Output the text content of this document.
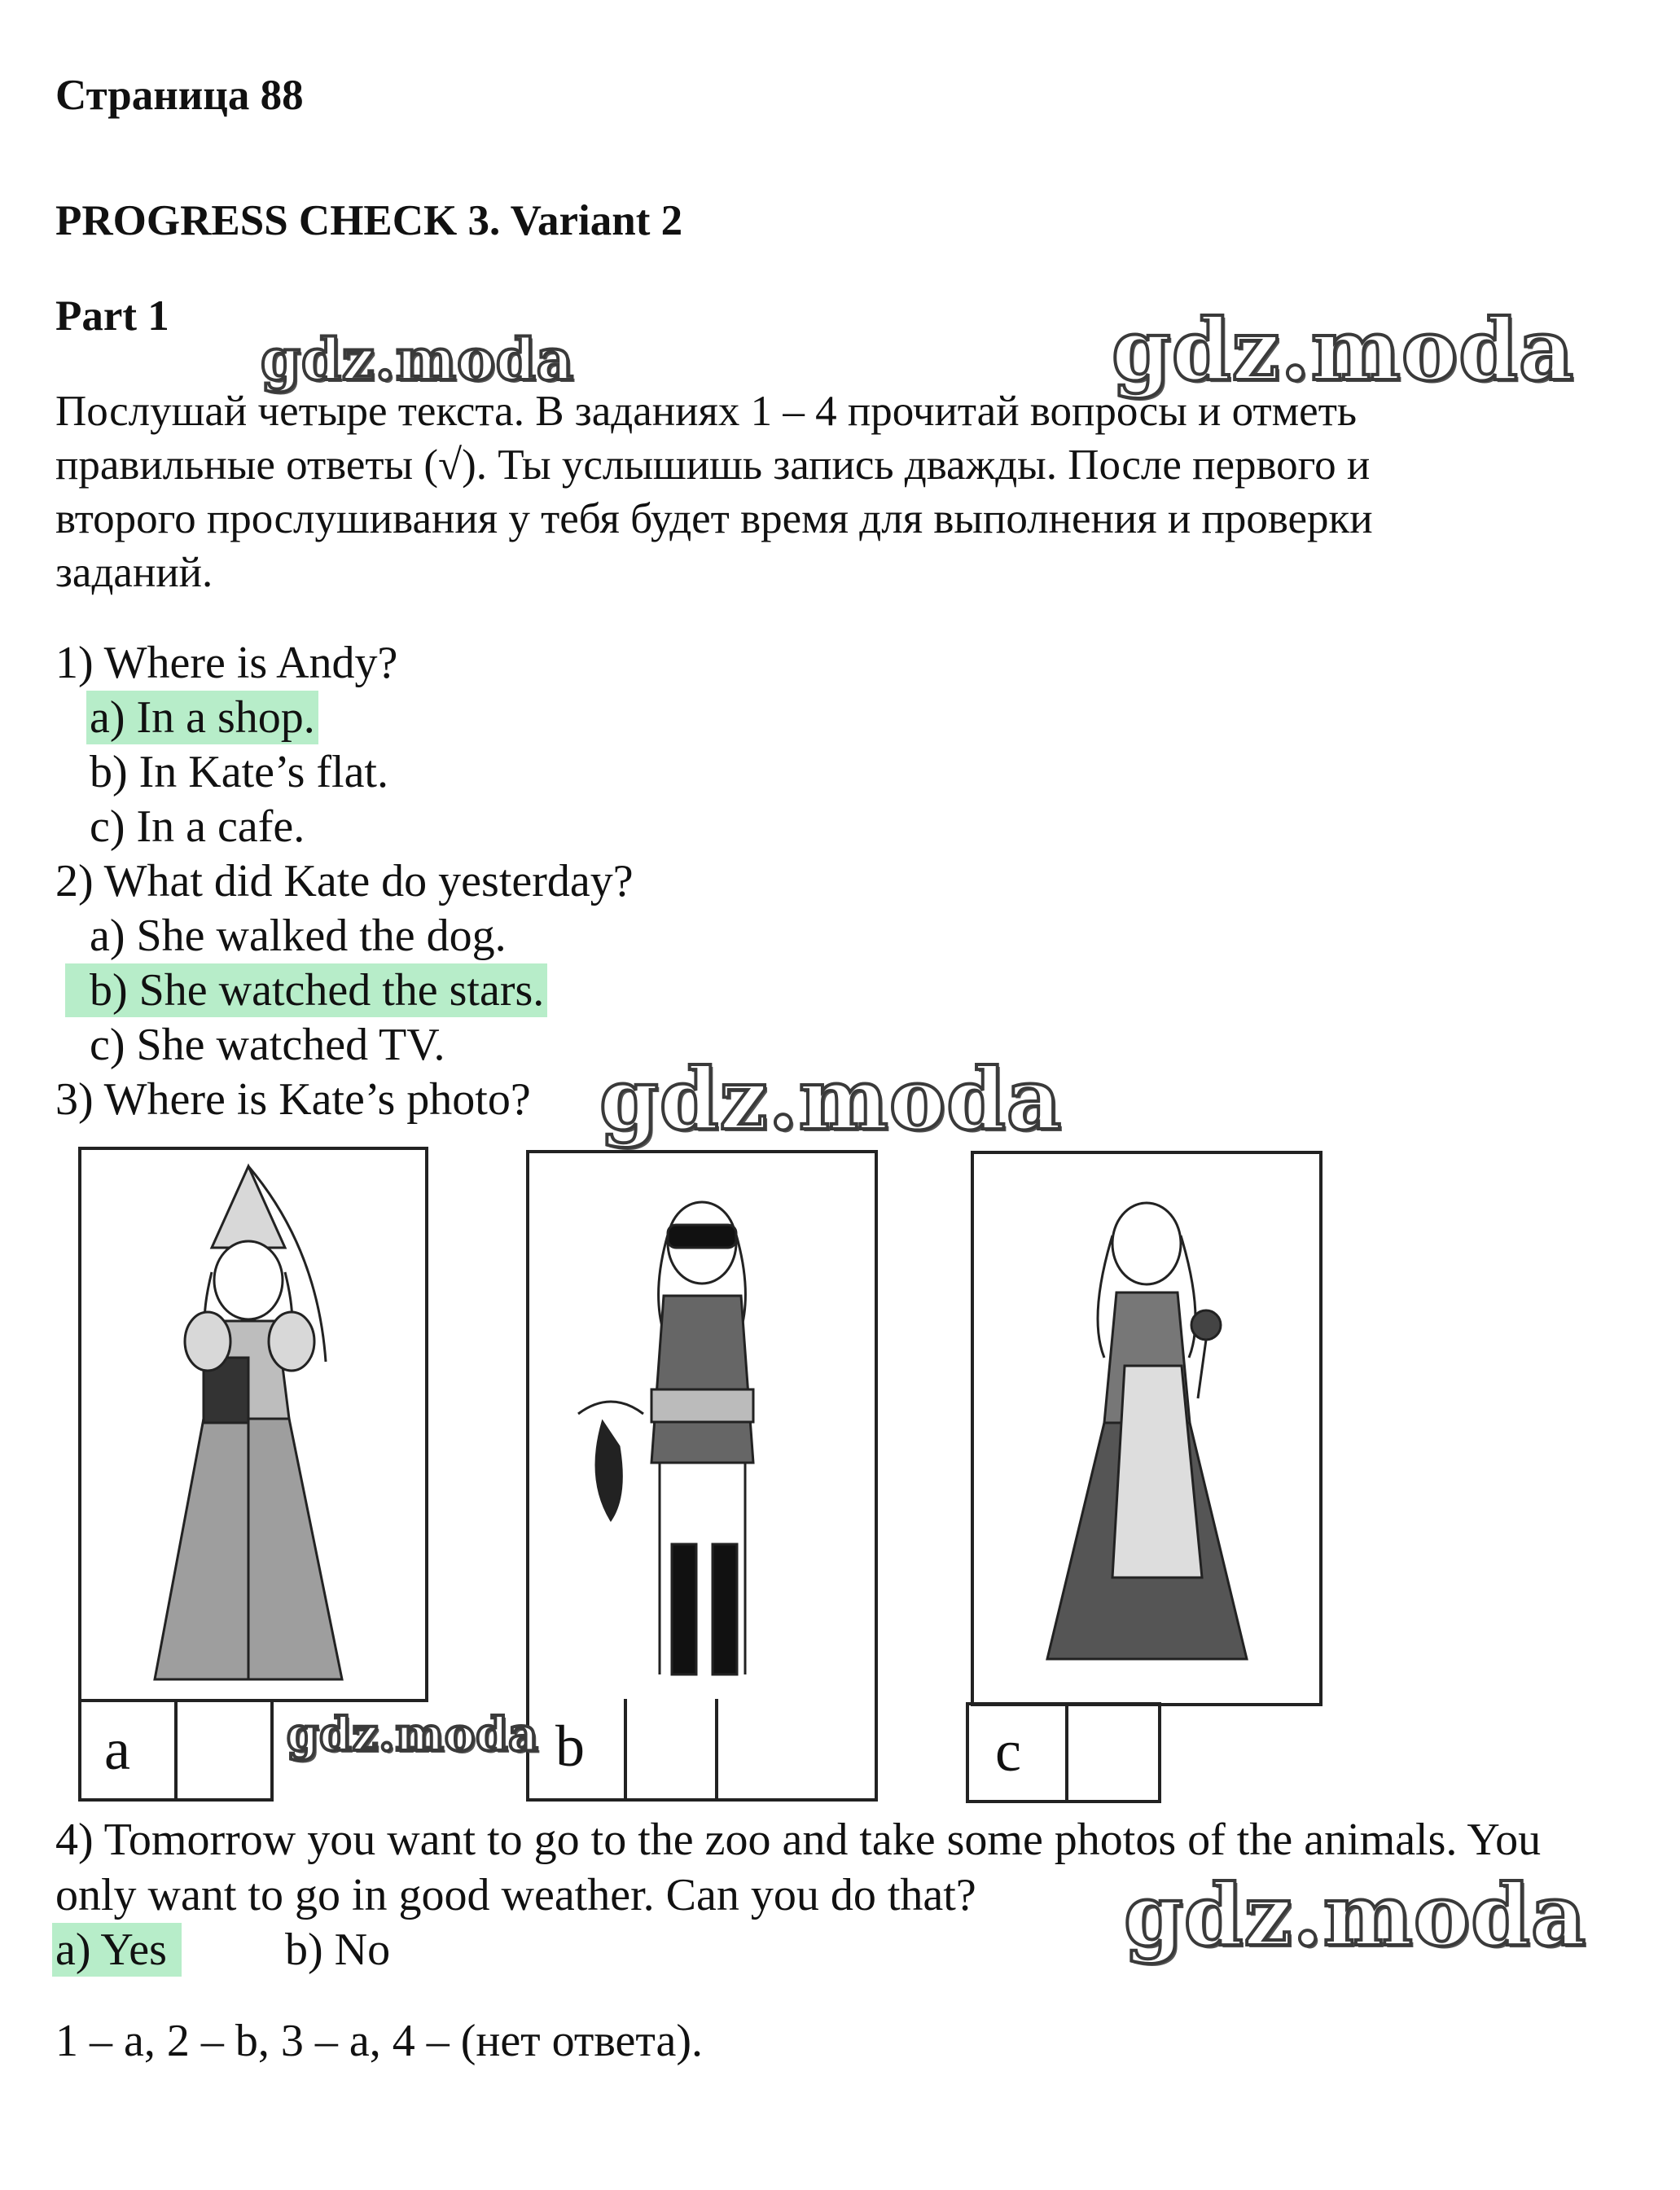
Страница 88
PROGRESS CHECK 3. Variant 2
Part 1
Послушай четыре текста. В заданиях 1 – 4 прочитай вопросы и отметь
правильные ответы (√). Ты услышишь запись дважды. После первого и
второго прослушивания у тебя будет время для выполнения и проверки
заданий.
1) Where is Andy?
a) In a shop.
b) In Kate’s flat.
c) In a cafe.
2) What did Kate do yesterday?
a) She walked the dog.
b) She watched the stars.
c) She watched TV.
3) Where is Kate’s photo?
a	b	c
4) Tomorrow you want to go to the zoo and take some photos of the animals. You
only want to go in good weather. Can you do that?
a) Yes	b) No
1 – a, 2 – b, 3 – a, 4 – (нет ответа).
gdz.moda	gdz.moda
gdz.moda
gdz.moda
gdz.moda
